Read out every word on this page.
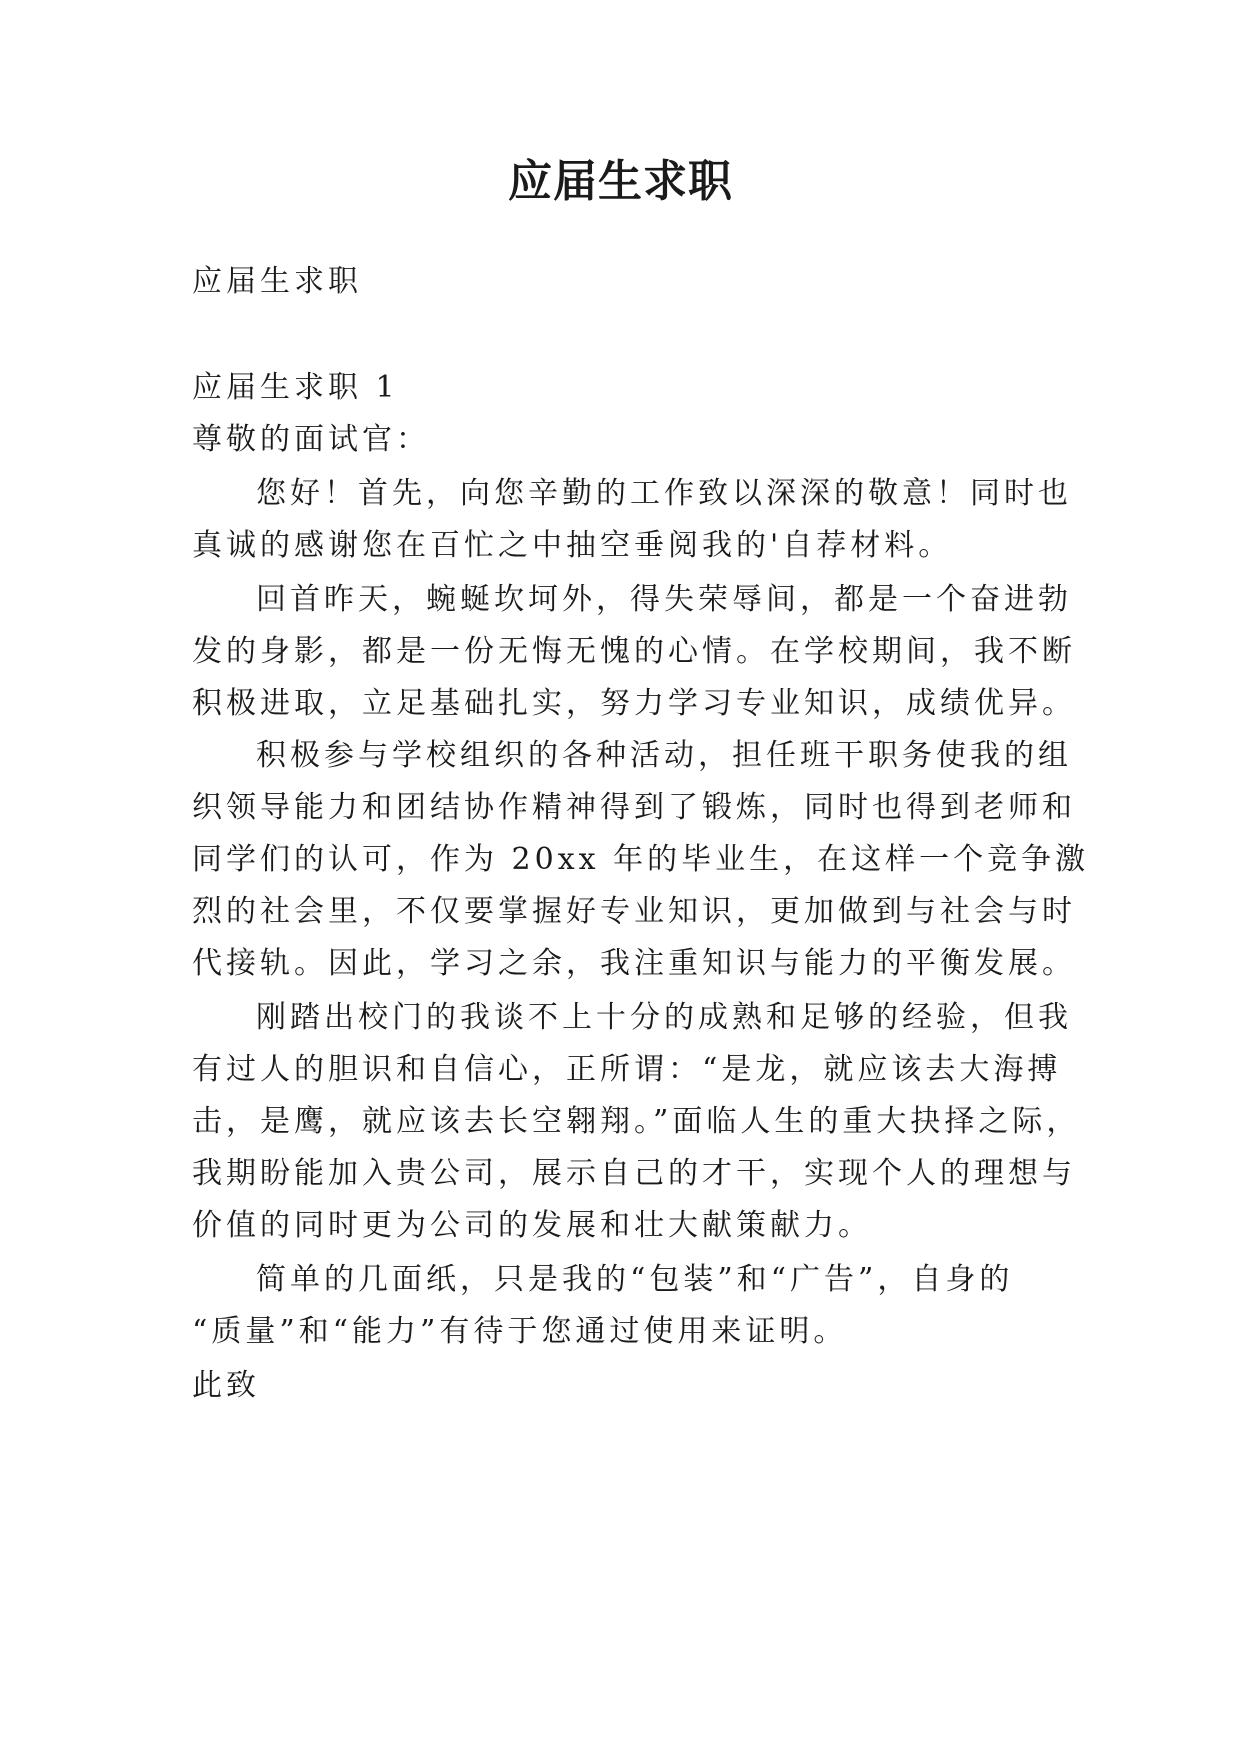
应届生求职
应届生求职
应届生求职 1
尊敬的面试官：
您好！首先，向您辛勤的工作致以深深的敬意！同时也
真诚的感谢您在百忙之中抽空垂阅我的'自荐材料。
回首昨天，蜿蜒坎坷外，得失荣辱间，都是一个奋进勃
发的身影，都是一份无悔无愧的心情。在学校期间，我不断
积极进取，立足基础扎实，努力学习专业知识，成绩优异。
积极参与学校组织的各种活动，担任班干职务使我的组
织领导能力和团结协作精神得到了锻炼，同时也得到老师和
同学们的认可，作为 20xx 年的毕业生，在这样一个竞争激
烈的社会里，不仅要掌握好专业知识，更加做到与社会与时
代接轨。因此，学习之余，我注重知识与能力的平衡发展。
刚踏出校门的我谈不上十分的成熟和足够的经验，但我
有过人的胆识和自信心，正所谓：“是龙，就应该去大海搏
击，是鹰，就应该去长空翱翔。”面临人生的重大抉择之际，
我期盼能加入贵公司，展示自己的才干，实现个人的理想与
价值的同时更为公司的发展和壮大献策献力。
简单的几面纸，只是我的“包装”和“广告”，自身的
“质量”和“能力”有待于您通过使用来证明。
此致
